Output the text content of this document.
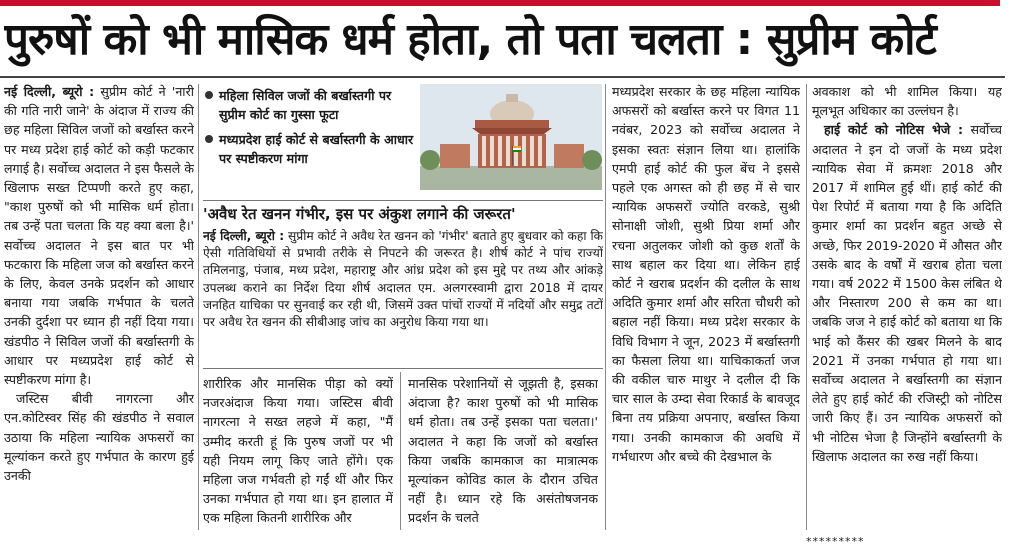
पुरुषों को भी मासिक धर्म होता, तो पता चलता : सुप्रीम कोर्ट

नई दिल्ली, ब्यूरो : सुप्रीम कोर्ट ने 'नारी की गति नारी जाने' के अंदाज में राज्य की छह महिला सिविल जजों को बर्खास्त करने पर मध्य प्रदेश हाई कोर्ट को कड़ी फटकार लगाई है। सर्वोच्च अदालत ने इस फैसले के खिलाफ सख्त टिप्पणी करते हुए कहा, "काश पुरुषों को भी मासिक धर्म होता। तब उन्हें पता चलता कि यह क्या बला है।' सर्वोच्च अदालत ने इस बात पर भी फटकारा कि महिला जज को बर्खास्त करने के लिए, केवल उनके प्रदर्शन को आधार बनाया गया जबकि गर्भपात के चलते उनकी दुर्दशा पर ध्यान ही नहीं दिया गया। खंडपीठ ने सिविल जजों की बर्खास्तगी के आधार पर मध्यप्रदेश हाई कोर्ट से स्पष्टीकरण मांगा है।

जस्टिस बीवी नागरत्ना और एन.कोटिस्वर सिंह की खंडपीठ ने सवाल उठाया कि महिला न्यायिक अफसरों का मूल्यांकन करते हुए गर्भपात के कारण हुई उनकी

महिला सिविल जजों की बर्खास्तगी पर सुप्रीम कोर्ट का गुस्सा फूटा
मध्यप्रदेश हाई कोर्ट से बर्खास्तगी के आधार पर स्पष्टीकरण मांगा
'अवैध रेत खनन गंभीर, इस पर अंकुश लगाने की जरूरत'
नई दिल्ली, ब्यूरो : सुप्रीम कोर्ट ने अवैध रेत खनन को 'गंभीर' बताते हुए बुधवार को कहा कि ऐसी गतिविधियों से प्रभावी तरीके से निपटने की जरूरत है। शीर्ष कोर्ट ने पांच राज्यों तमिलनाडु, पंजाब, मध्य प्रदेश, महाराष्ट्र और आंध्र प्रदेश को इस मुद्दे पर तथ्य और आंकड़े उपलब्ध कराने का निर्देश दिया शीर्ष अदालत एम. अलगरस्वामी द्वारा 2018 में दायर जनहित याचिका पर सुनवाई कर रही थी, जिसमें उक्त पांचों राज्यों में नदियों और समुद्र तटों पर अवैध रेत खनन की सीबीआइ जांच का अनुरोध किया गया था।

शारीरिक और मानसिक पीड़ा को क्यों नजरअंदाज किया गया। जस्टिस बीवी नागरत्ना ने सख्त लहजे में कहा, "मैं उम्मीद करती हूं कि पुरुष जजों पर भी यही नियम लागू किए जाते होंगे। एक महिला जज गर्भवती हो गईं थीं और फिर उनका गर्भपात हो गया था। इन हालात में एक महिला कितनी शारीरिक और

मानसिक परेशानियों से जूझती है, इसका अंदाजा है? काश पुरुषों को भी मासिक धर्म होता। तब उन्हें इसका पता चलता।' अदालत ने कहा कि जजों को बर्खास्त किया जबकि कामकाज का मात्रात्मक मूल्यांकन कोविड काल के दौरान उचित नहीं है। ध्यान रहे कि असंतोषजनक प्रदर्शन के चलते

मध्यप्रदेश सरकार के छह महिला न्यायिक अफसरों को बर्खास्त करने पर विगत 11 नवंबर, 2023 को सर्वोच्च अदालत ने इसका स्वतः संज्ञान लिया था। हालांकि एमपी हाई कोर्ट की फुल बेंच ने इससे पहले एक अगस्त को ही छह में से चार न्यायिक अफसरों ज्योति वरकडे, सुश्री सोनाक्षी जोशी, सुश्री प्रिया शर्मा और रचना अतुलकर जोशी को कुछ शर्तों के साथ बहाल कर दिया था। लेकिन हाई कोर्ट ने खराब प्रदर्शन की दलील के साथ अदिति कुमार शर्मा और सरिता चौधरी को बहाल नहीं किया। मध्य प्रदेश सरकार के विधि विभाग ने जून, 2023 में बर्खास्तगी का फैसला लिया था। याचिकाकर्ता जज की वकील चारु माथुर ने दलील दी कि चार साल के उम्दा सेवा रिकार्ड के बावजूद बिना तय प्रक्रिया अपनाए, बर्खास्त किया गया। उनकी कामकाज की अवधि में गर्भधारण और बच्चे की देखभाल के

अवकाश को भी शामिल किया। यह मूलभूत अधिकार का उल्लंघन है।

हाई कोर्ट को नोटिस भेजे : सर्वोच्च अदालत ने इन दो जजों के मध्य प्रदेश न्यायिक सेवा में क्रमशः 2018 और 2017 में शामिल हुई थीं। हाई कोर्ट की पेश रिपोर्ट में बताया गया है कि अदिति कुमार शर्मा का प्रदर्शन बहुत अच्छे से अच्छे, फिर 2019-2020 में औसत और उसके बाद के वर्षों में खराब होता चला गया। वर्ष 2022 में 1500 केस लंबित थे और निस्तारण 200 से कम का था। जबकि जज ने हाई कोर्ट को बताया था कि भाई को कैंसर की खबर मिलने के बाद 2021 में उनका गर्भपात हो गया था। सर्वोच्च अदालत ने बर्खास्तगी का संज्ञान लेते हुए हाई कोर्ट की रजिस्ट्री को नोटिस जारी किए हैं। उन न्यायिक अफसरों को भी नोटिस भेजा है जिन्होंने बर्खास्तगी के खिलाफ अदालत का रुख नहीं किया।

*********
